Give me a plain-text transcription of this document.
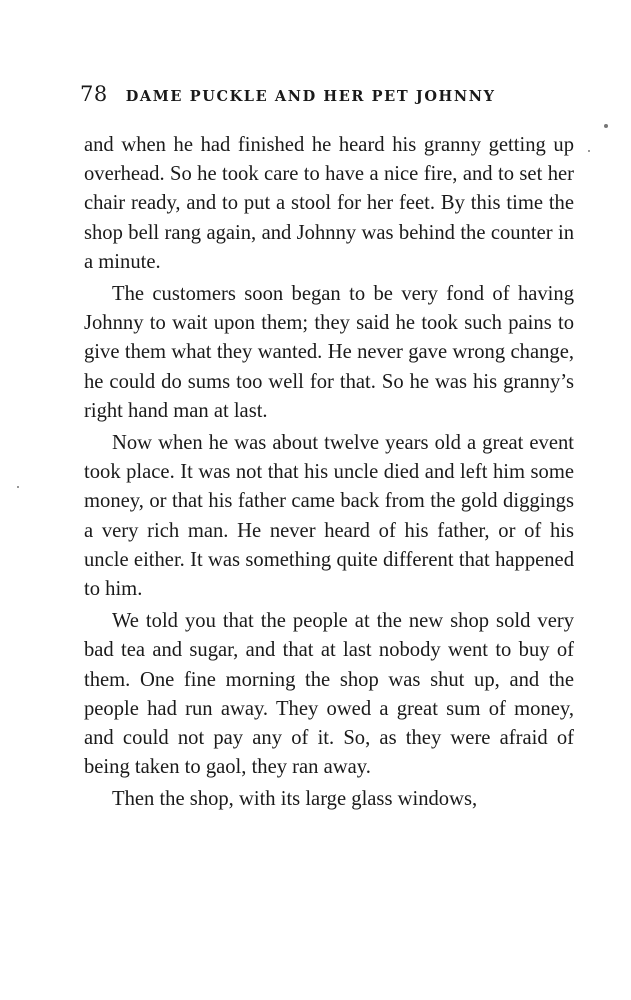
78 DAME PUCKLE AND HER PET JOHNNY

and when he had finished he heard his granny getting up overhead. So he took care to have a nice fire, and to set her chair ready, and to put a stool for her feet. By this time the shop bell rang again, and Johnny was behind the counter in a minute.

The customers soon began to be very fond of having Johnny to wait upon them; they said he took such pains to give them what they wanted. He never gave wrong change, he could do sums too well for that. So he was his granny’s right hand man at last.

Now when he was about twelve years old a great event took place. It was not that his uncle died and left him some money, or that his father came back from the gold diggings a very rich man. He never heard of his father, or of his uncle either. It was something quite different that happened to him.

We told you that the people at the new shop sold very bad tea and sugar, and that at last nobody went to buy of them. One fine morning the shop was shut up, and the people had run away. They owed a great sum of money, and could not pay any of it. So, as they were afraid of being taken to gaol, they ran away.

Then the shop, with its large glass windows,
